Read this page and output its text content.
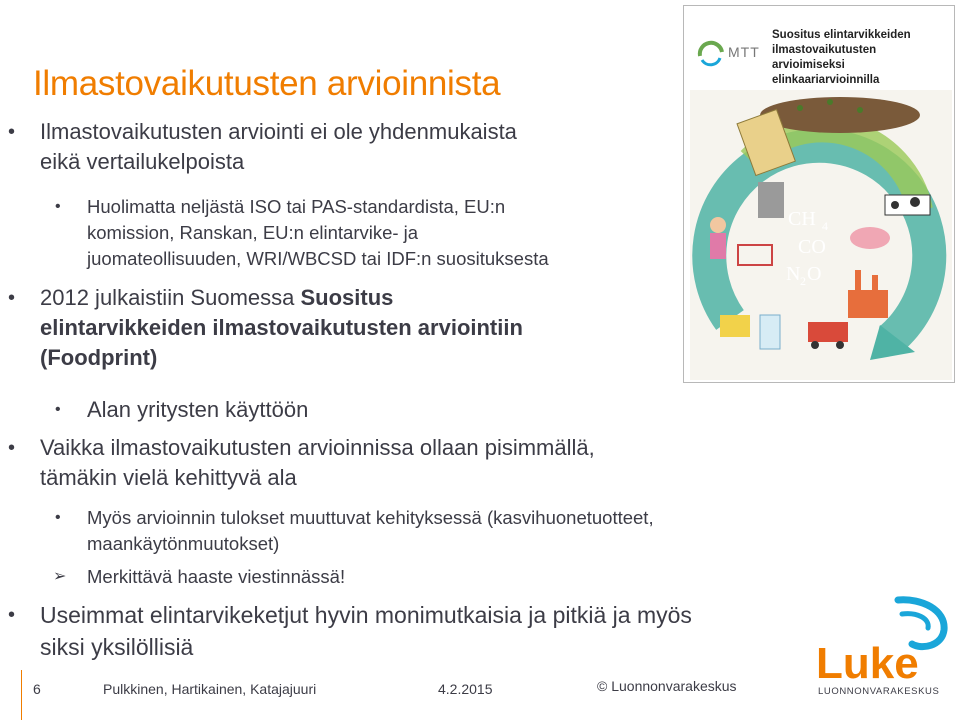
Ilmastovaikutusten arvioinnista
• Ilmastovaikutusten arviointi ei ole yhdenmukaista
eikä vertailukelpoista
• Huolimatta neljästä ISO tai PAS-standardista, EU:n
komission, Ranskan, EU:n elintarvike- ja
juomateollisuuden, WRI/WBCSD tai IDF:n suosituksesta
• 2012 julkaistiin Suomessa Suositus
elintarvikkeiden ilmastovaikutusten arviointiin
(Foodprint)
• Alan yritysten käyttöön
• Vaikka ilmastovaikutusten arvioinnissa ollaan pisimmällä,
tämäkin vielä kehittyvä ala
• Myös arvioinnin tulokset muuttuvat kehityksessä (kasvihuonetuotteet,
maankäytönmuutokset)
➢ Merkittävä haaste viestinnässä!
• Useimmat elintarvikeketjut hyvin monimutkaisia ja pitkiä ja myös
siksi yksilöllisiä
MTT
Suositus elintarvikkeiden
ilmastovaikutusten arvioimiseksi
elinkaariarvioinnilla
CH 4
CO
N 2 O
6	Pulkkinen, Hartikainen, Katajajuuri	4.2.2015	© Luonnonvarakeskus Luke
LUONNONVARAKESKUS
